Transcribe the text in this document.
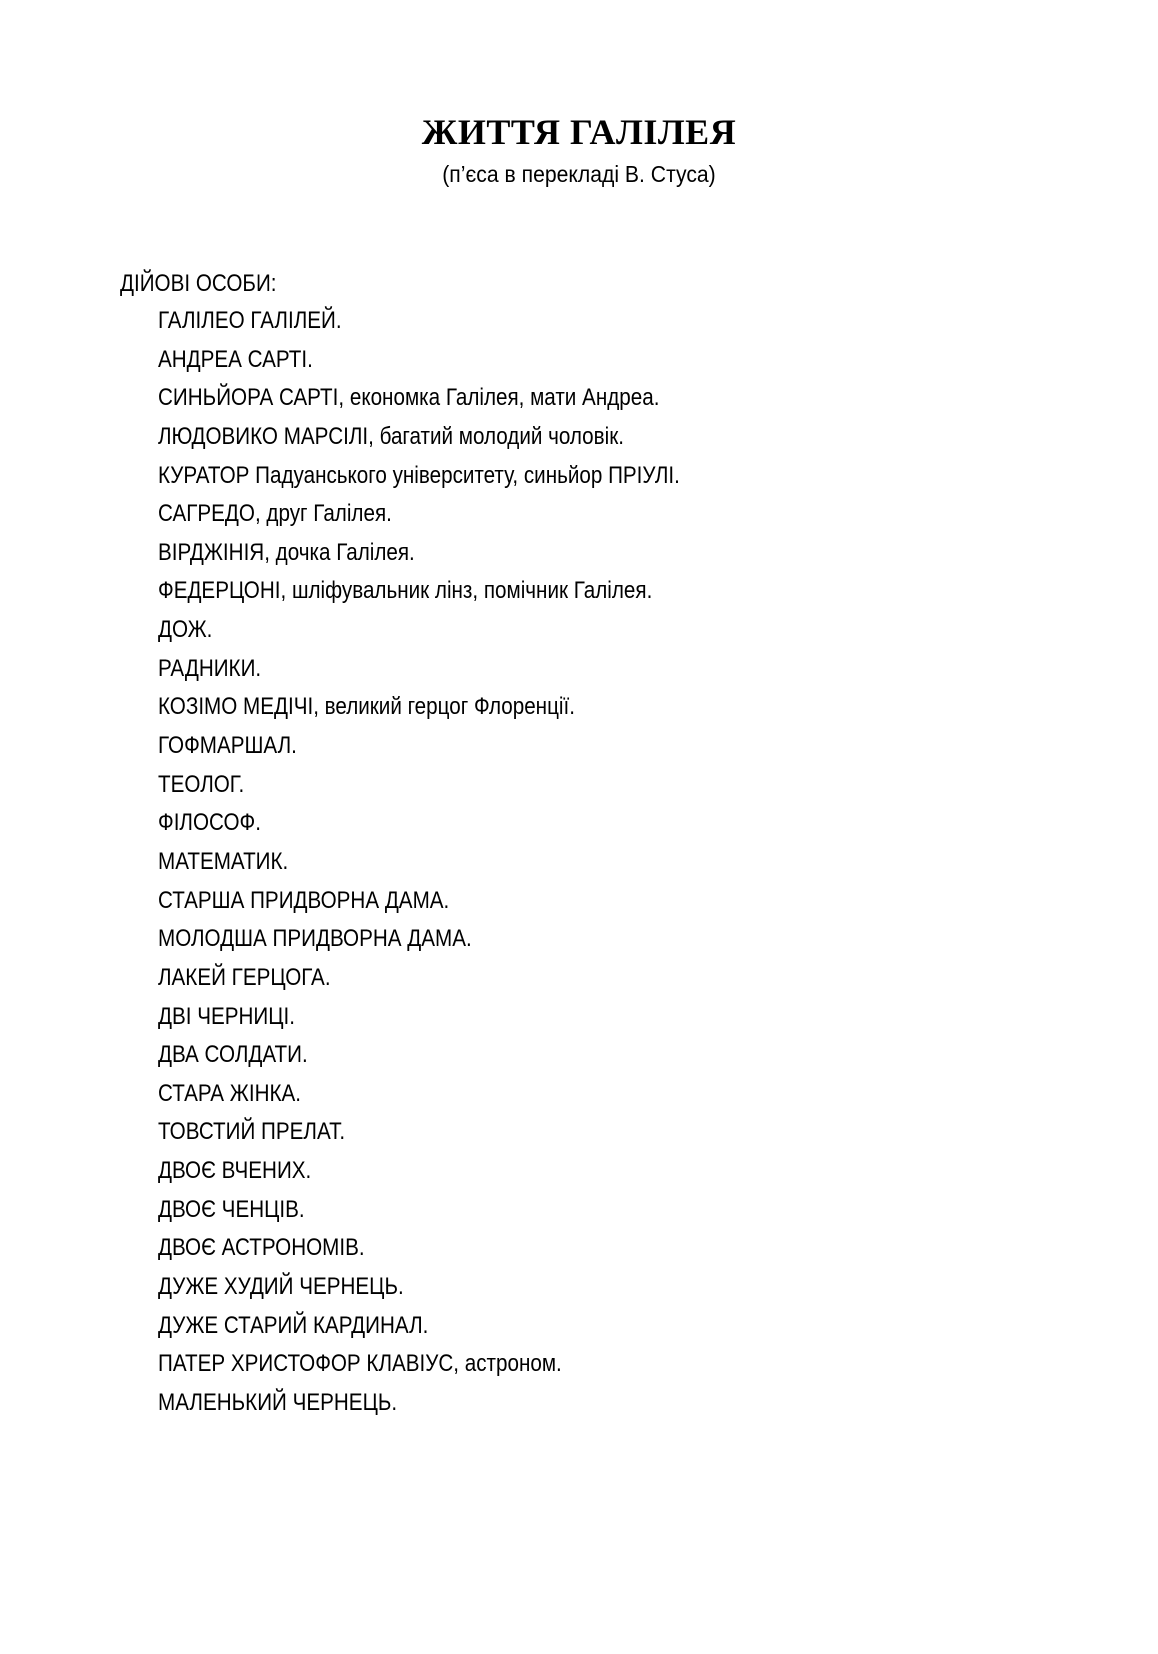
ЖИТТЯ ГАЛІЛЕЯ
(п’єса в перекладі В. Стуса)
ДІЙОВІ ОСОБИ:
ГАЛІЛЕО ГАЛІЛЕЙ.
АНДРЕА САРТІ.
СИНЬЙОРА САРТІ, економка Галілея, мати Андреа.
ЛЮДОВИКО МАРСІЛІ, багатий молодий чоловік.
КУРАТОР Падуанського університету, синьйор ПРІУЛІ.
САГРЕДО, друг Галілея.
ВІРДЖІНІЯ, дочка Галілея.
ФЕДЕРЦОНІ, шліфувальник лінз, помічник Галілея.
ДОЖ.
РАДНИКИ.
КОЗІМО МЕДІЧІ, великий герцог Флоренції.
ГОФМАРШАЛ.
ТЕОЛОГ.
ФІЛОСОФ.
МАТЕМАТИК.
СТАРША ПРИДВОРНА ДАМА.
МОЛОДША ПРИДВОРНА ДАМА.
ЛАКЕЙ ГЕРЦОГА.
ДВІ ЧЕРНИЦІ.
ДВА СОЛДАТИ.
СТАРА ЖІНКА.
ТОВСТИЙ ПРЕЛАТ.
ДВОЄ ВЧЕНИХ.
ДВОЄ ЧЕНЦІВ.
ДВОЄ АСТРОНОМІВ.
ДУЖЕ ХУДИЙ ЧЕРНЕЦЬ.
ДУЖЕ СТАРИЙ КАРДИНАЛ.
ПАТЕР ХРИСТОФОР КЛАВІУС, астроном.
МАЛЕНЬКИЙ ЧЕРНЕЦЬ.
